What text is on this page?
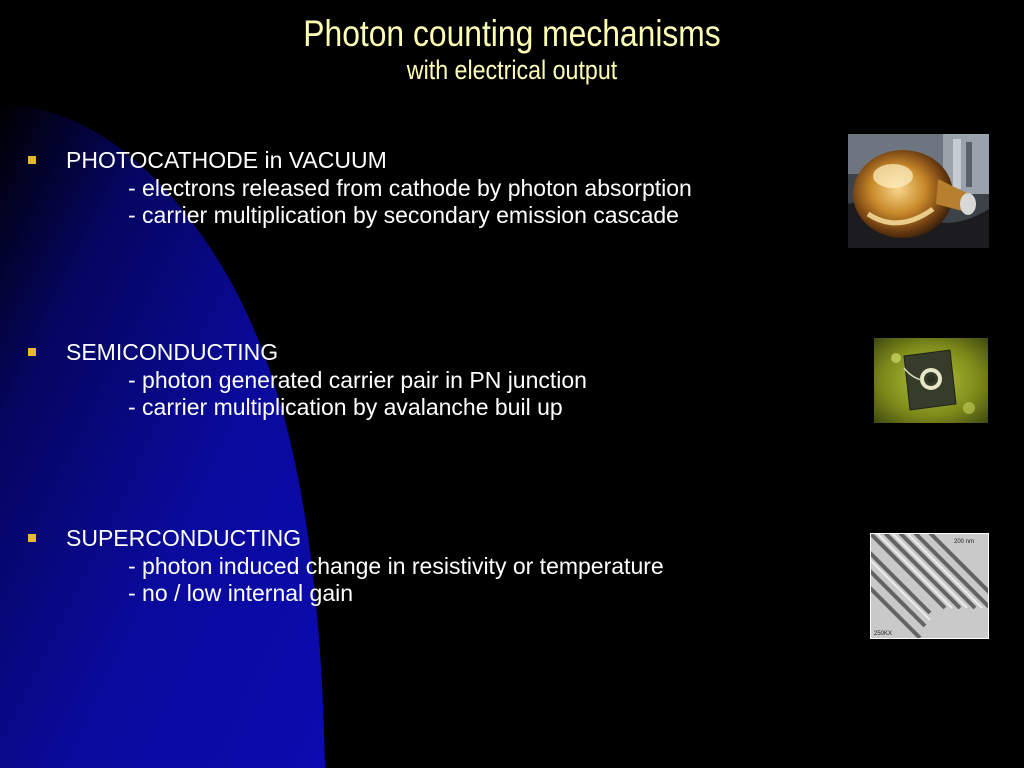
Photon counting mechanisms
with electrical output
PHOTOCATHODE in VACUUM
- electrons released from cathode by photon absorption
- carrier multiplication by secondary emission cascade
SEMICONDUCTING
- photon generated carrier pair in PN junction
- carrier multiplication by avalanche buil up
SUPERCONDUCTING
- photon induced change in resistivity or temperature
- no / low internal gain
200 nm
250KX
